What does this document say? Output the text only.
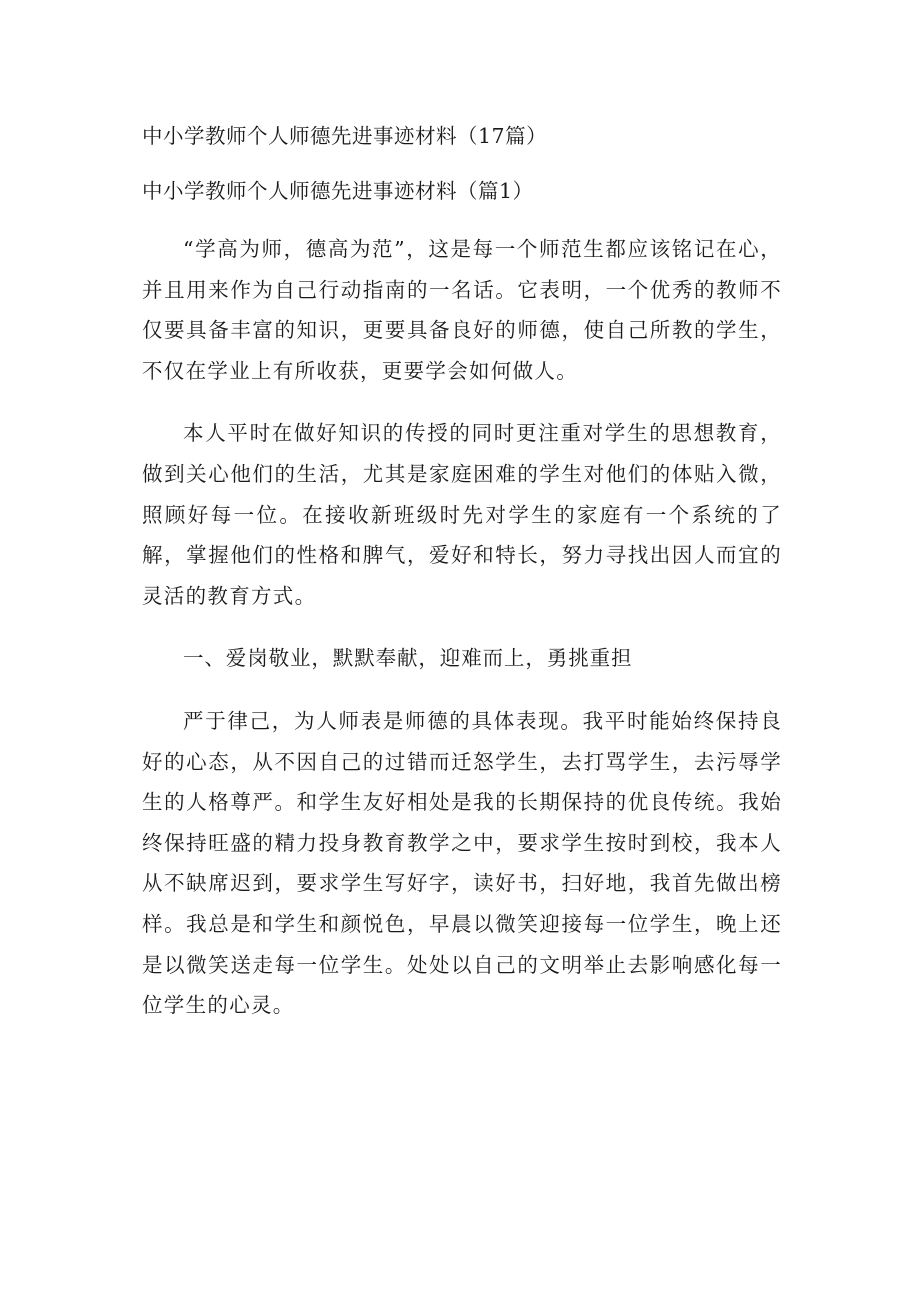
中小学教师个人师德先进事迹材料（17篇）
中小学教师个人师德先进事迹材料（篇1）

“学高为师，德高为范”，这是每一个师范生都应该铭记在心，并且用来作为自己行动指南的一名话。它表明，一个优秀的教师不仅要具备丰富的知识，更要具备良好的师德，使自己所教的学生，不仅在学业上有所收获，更要学会如何做人。

本人平时在做好知识的传授的同时更注重对学生的思想教育，做到关心他们的生活，尤其是家庭困难的学生对他们的体贴入微，照顾好每一位。在接收新班级时先对学生的家庭有一个系统的了解，掌握他们的性格和脾气，爱好和特长，努力寻找出因人而宜的灵活的教育方式。

一、爱岗敬业，默默奉献，迎难而上，勇挑重担

严于律己，为人师表是师德的具体表现。我平时能始终保持良好的心态，从不因自己的过错而迁怒学生，去打骂学生，去污辱学生的人格尊严。和学生友好相处是我的长期保持的优良传统。我始终保持旺盛的精力投身教育教学之中，要求学生按时到校，我本人从不缺席迟到，要求学生写好字，读好书，扫好地，我首先做出榜样。我总是和学生和颜悦色，早晨以微笑迎接每一位学生，晚上还是以微笑送走每一位学生。处处以自己的文明举止去影响感化每一位学生的心灵。
